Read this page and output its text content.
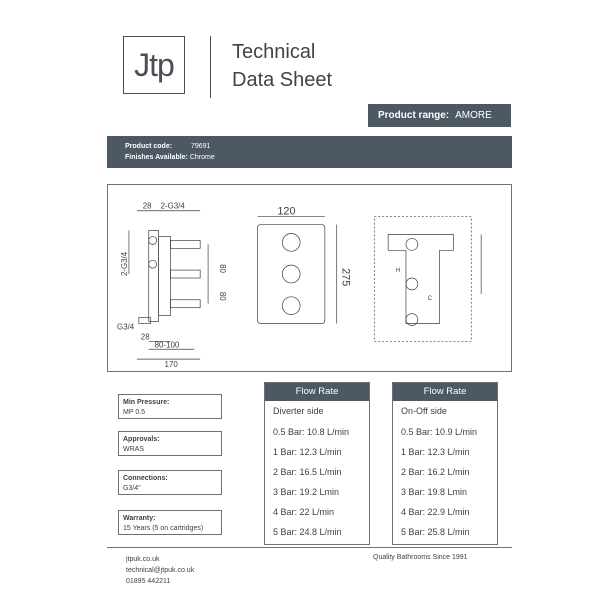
Jtp	Technical
Data Sheet
Product range: AMORE
Product code:	79691
Finishes Available: Chrome
28 2-G3/4
2-G3/4	80
80
G3/4
28
80-100
170
120
275	H
C
Min Pressure:
MP 0.5
Approvals:
WRAS
Connections:
G3/4"
Warranty:
15 Years (5 on cartridges)
Flow Rate
Diverter side
0.5 Bar: 10.8 L/min
1 Bar: 12.3 L/min
2 Bar: 16.5 L/min
3 Bar: 19.2 Lmin
4 Bar: 22 L/min
5 Bar: 24.8 L/min
Flow Rate
On-Off side
0.5 Bar: 10.9 L/min
1 Bar: 12.3 L/min
2 Bar: 16.2 L/min
3 Bar: 19.8 Lmin
4 Bar: 22.9 L/min
5 Bar: 25.8 L/min
jtpuk.co.uk
technical@jtpuk.co.uk
01895 442211
Quality Bathrooms Since 1991
